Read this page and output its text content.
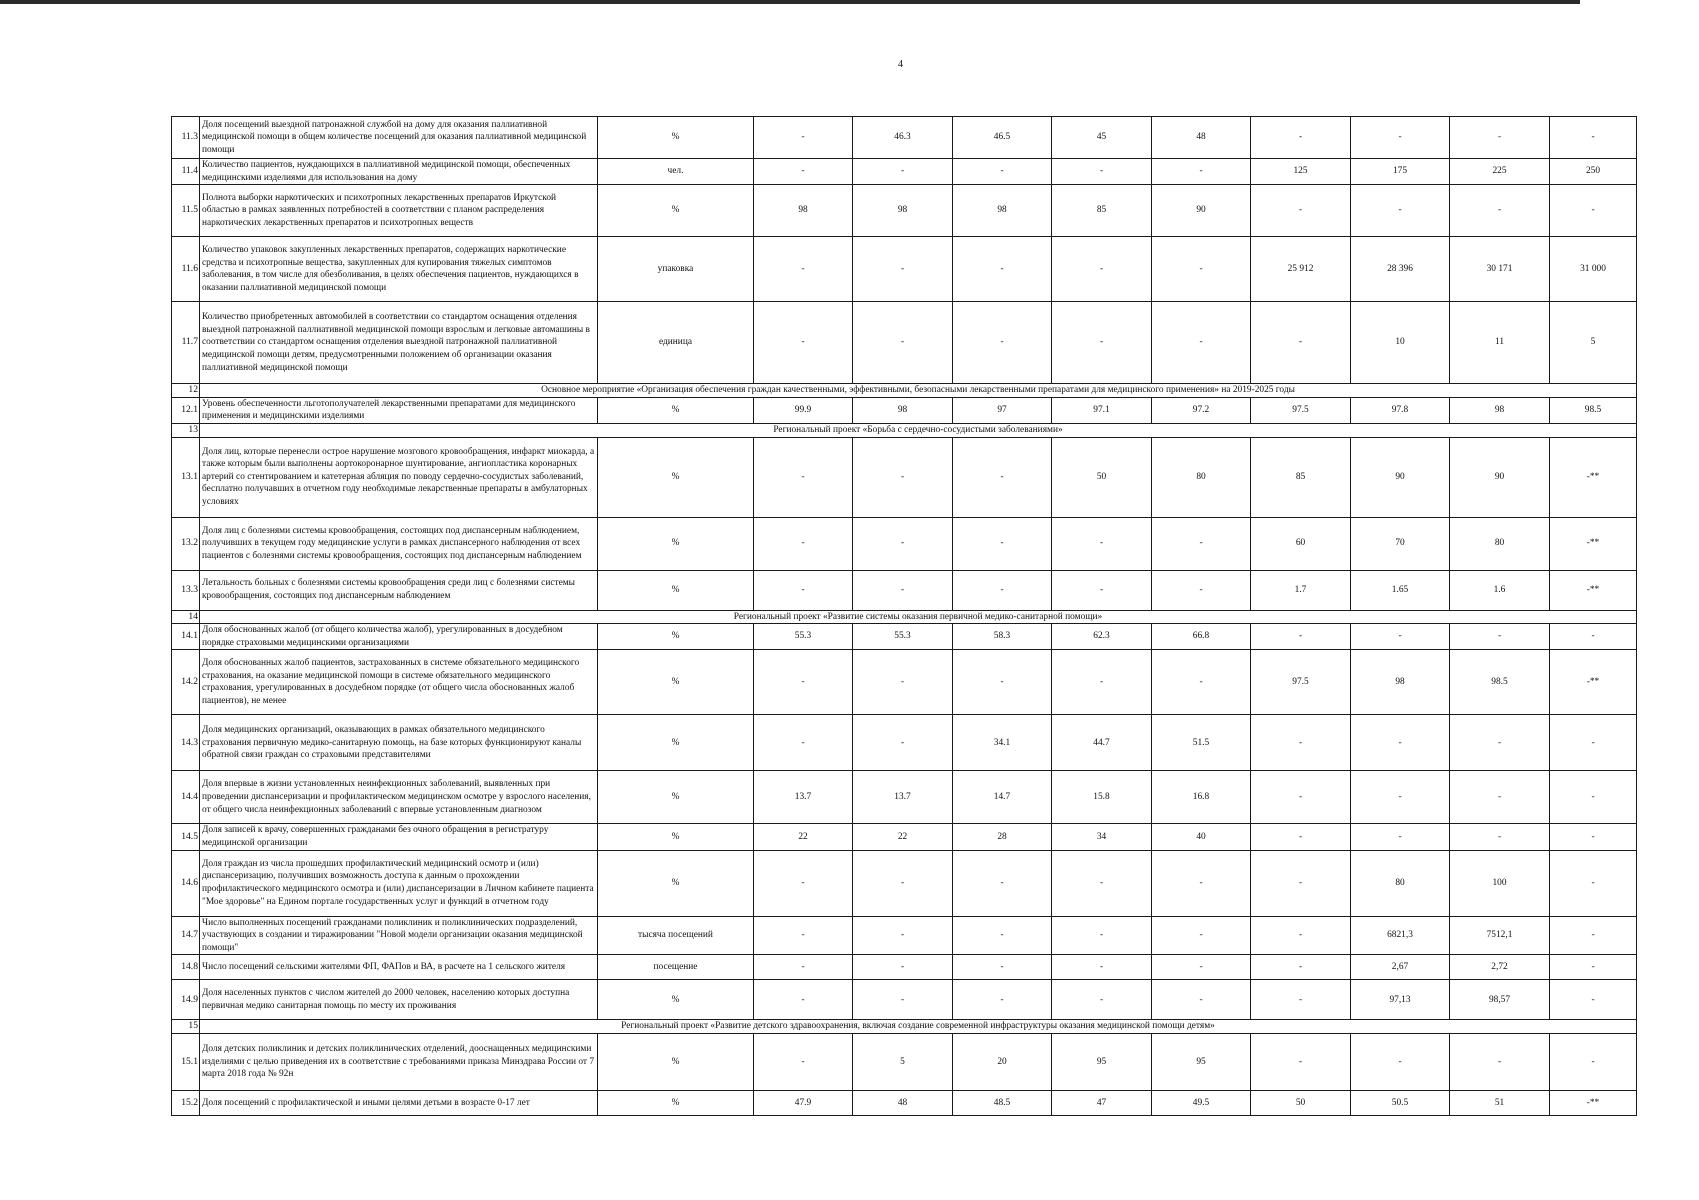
4
11.3	Доля посещений выездной патронажной службой на дому для оказания паллиативной медицинской помощи в общем количестве посещений для оказания паллиативной медицинской помощи	%	-	46.3	46.5	45	48	-	-	-	-
11.4	Количество пациентов, нуждающихся в паллиативной медицинской помощи, обеспеченных медицинскими изделиями для использования на дому	чел.	-	-	-	-	-	125	175	225	250
11.5	Полнота выборки наркотических и психотропных лекарственных препаратов Иркутской областью в рамках заявленных потребностей в соответствии с планом распределения наркотических лекарственных препаратов и психотропных веществ	%	98	98	98	85	90	-	-	-	-
11.6	Количество упаковок закупленных лекарственных препаратов, содержащих наркотические средства и психотропные вещества, закупленных для купирования тяжелых симптомов заболевания, в том числе для обезболивания, в целях обеспечения пациентов, нуждающихся в оказании паллиативной медицинской помощи	упаковка	-	-	-	-	-	25 912	28 396	30 171	31 000
11.7	Количество приобретенных автомобилей в соответствии со стандартом оснащения отделения выездной патронажной паллиативной медицинской помощи взрослым и легковые автомашины в соответствии со стандартом оснащения отделения выездной патронажной паллиативной медицинской помощи детям, предусмотренными положением об организации оказания паллиативной медицинской помощи	единица	-	-	-	-	-	-	10	11	5
12	Основное мероприятие «Организация обеспечения граждан качественными, эффективными, безопасными лекарственными препаратами для медицинского применения» на 2019-2025 годы										
12.1	Уровень обеспеченности льготополучателей лекарственными препаратами для медицинского применения и медицинскими изделиями	%	99.9	98	97	97.1	97.2	97.5	97.8	98	98.5
13	Региональный проект «Борьба с сердечно-сосудистыми заболеваниями»										
13.1	Доля лиц, которые перенесли острое нарушение мозгового кровообращения, инфаркт миокарда, а также которым были выполнены аортокоронарное шунтирование, ангиопластика коронарных артерий со стентированием и катетерная абляция по поводу сердечно-сосудистых заболеваний, бесплатно получавших в отчетном году необходимые лекарственные препараты в амбулаторных условиях	%	-	-	-	50	80	85	90	90	-**
13.2	Доля лиц с болезнями системы кровообращения, состоящих под диспансерным наблюдением, получивших в текущем году медицинские услуги в рамках диспансерного наблюдения от всех пациентов с болезнями системы кровообращения, состоящих под диспансерным наблюдением	%	-	-	-	-	-	60	70	80	-**
13.3	Летальность больных с болезнями системы кровообращения среди лиц с болезнями системы кровообращения, состоящих под диспансерным наблюдением	%	-	-	-	-	-	1.7	1.65	1.6	-**
14	Региональный проект «Развитие системы оказания первичной медико-санитарной помощи»										
14.1	Доля обоснованных жалоб (от общего количества жалоб), урегулированных в досудебном порядке страховыми медицинскими организациями	%	55.3	55.3	58.3	62.3	66.8	-	-	-	-
14.2	Доля обоснованных жалоб пациентов, застрахованных в системе обязательного медицинского страхования, на оказание медицинской помощи в системе обязательного медицинского страхования, урегулированных в досудебном порядке (от общего числа обоснованных жалоб пациентов), не менее	%	-	-	-	-	-	97.5	98	98.5	-**
14.3	Доля медицинских организаций, оказывающих в рамках обязательного медицинского страхования первичную медико-санитарную помощь, на базе которых функционируют каналы обратной связи граждан со страховыми представителями	%	-	-	34.1	44.7	51.5	-	-	-	-
14.4	Доля впервые в жизни установленных неинфекционных заболеваний, выявленных при проведении диспансеризации и профилактическом медицинском осмотре у взрослого населения, от общего числа неинфекционных заболеваний с впервые установленным диагнозом	%	13.7	13.7	14.7	15.8	16.8	-	-	-	-
14.5	Доля записей к врачу, совершенных гражданами без очного обращения в регистратуру медицинской организации	%	22	22	28	34	40	-	-	-	-
14.6	Доля граждан из числа прошедших профилактический медицинский осмотр и (или) диспансеризацию, получивших возможность доступа к данным о прохождении профилактического медицинского осмотра и (или) диспансеризации в Личном кабинете пациента "Мое здоровье" на Едином портале государственных услуг и функций в отчетном году	%	-	-	-	-	-	-	80	100	-
14.7	Число выполненных посещений гражданами поликлиник и поликлинических подразделений, участвующих в создании и тиражировании "Новой модели организации оказания медицинской помощи"	тысяча посещений	-	-	-	-	-	-	6821,3	7512,1	-
14.8	Число посещений сельскими жителями ФП, ФАПов и ВА, в расчете на 1 сельского жителя	посещение	-	-	-	-	-	-	2,67	2,72	-
14.9	Доля населенных пунктов с числом жителей до 2000 человек, населению которых доступна первичная медико санитарная помощь по месту их проживания	%	-	-	-	-	-	-	97,13	98,57	-
15	Региональный проект «Развитие детского здравоохранения, включая создание современной инфраструктуры оказания медицинской помощи детям»										
15.1	Доля детских поликлиник и детских поликлинических отделений, дооснащенных медицинскими изделиями с целью приведения их в соответствие с требованиями приказа Минздрава России от 7 марта 2018 года № 92н	%	-	5	20	95	95	-	-	-	-
15.2	Доля посещений с профилактической и иными целями детьми в возрасте 0-17 лет	%	47.9	48	48.5	47	49.5	50	50.5	51	-**
